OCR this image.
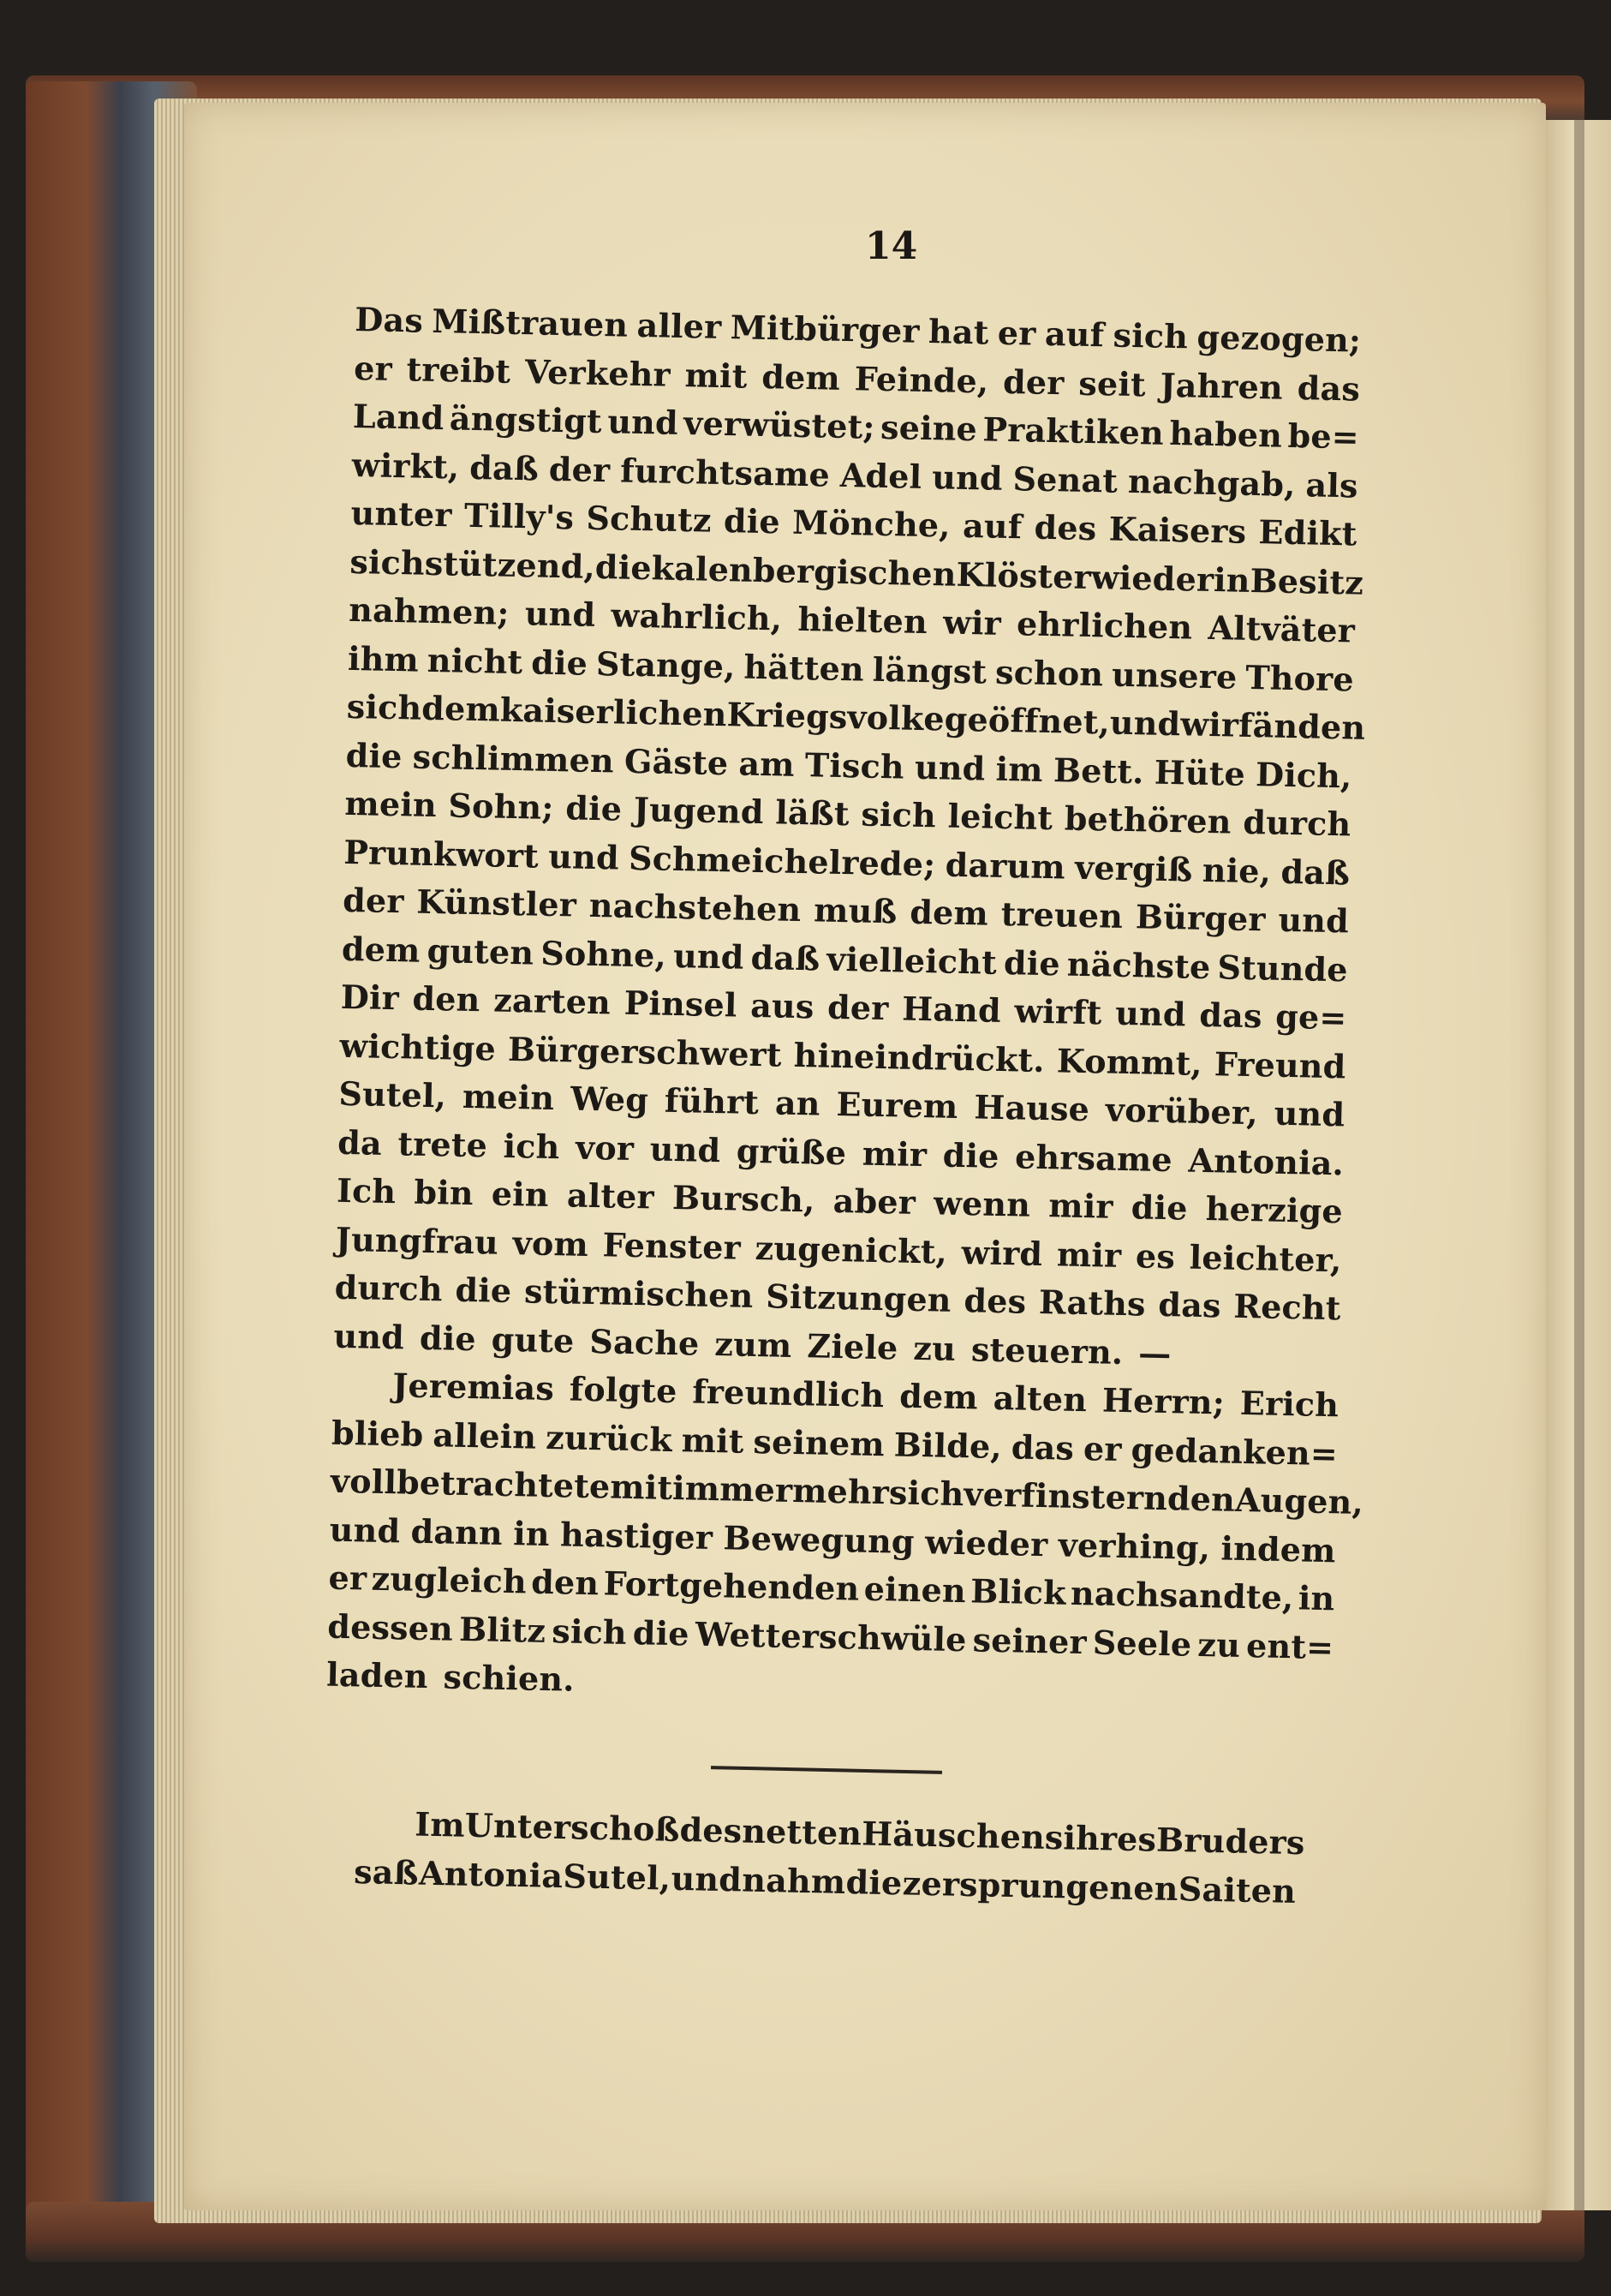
14
Das Mißtrauen aller Mitbürger hat er auf sich gezogen;
er treibt Verkehr mit dem Feinde, der seit Jahren das
Land ängstigt und verwüstet; seine Praktiken haben be=
wirkt, daß der furchtsame Adel und Senat nachgab, als
unter Tilly's Schutz die Mönche, auf des Kaisers Edikt
sich stützend, die kalenbergischen Klöster wieder in Besitz
nahmen; und wahrlich, hielten wir ehrlichen Altväter
ihm nicht die Stange, hätten längst schon unsere Thore
sich dem kaiserlichen Kriegsvolke geöffnet, und wir fänden
die schlimmen Gäste am Tisch und im Bett. Hüte Dich,
mein Sohn; die Jugend läßt sich leicht bethören durch
Prunkwort und Schmeichelrede; darum vergiß nie, daß
der Künstler nachstehen muß dem treuen Bürger und
dem guten Sohne, und daß vielleicht die nächste Stunde
Dir den zarten Pinsel aus der Hand wirft und das ge=
wichtige Bürgerschwert hineindrückt. Kommt, Freund
Sutel, mein Weg führt an Eurem Hause vorüber, und
da trete ich vor und grüße mir die ehrsame Antonia.
Ich bin ein alter Bursch, aber wenn mir die herzige
Jungfrau vom Fenster zugenickt, wird mir es leichter,
durch die stürmischen Sitzungen des Raths das Recht
und die gute Sache zum Ziele zu steuern. —
Jeremias folgte freundlich dem alten Herrn; Erich
blieb allein zurück mit seinem Bilde, das er gedanken=
voll betrachtete mit immer mehr sich verfinsternden Augen,
und dann in hastiger Bewegung wieder verhing, indem
er zugleich den Fortgehenden einen Blick nachsandte, in
dessen Blitz sich die Wetterschwüle seiner Seele zu ent=
laden schien.
Im Unterschoß des netten Häuschens ihres Bruders
saß Antonia Sutel, und nahm die zersprungenen Saiten
